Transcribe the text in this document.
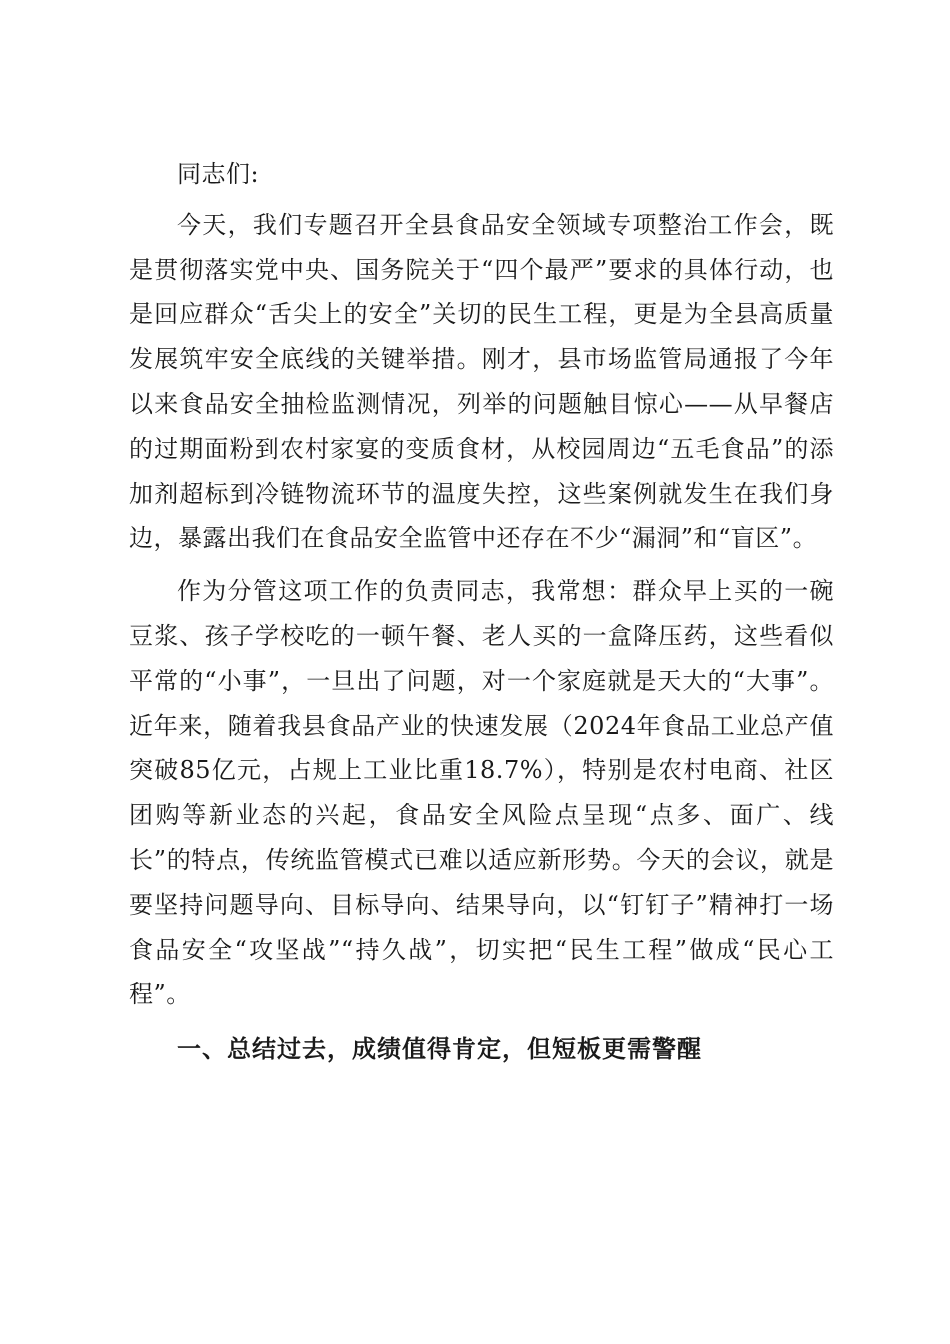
同志们:

今天，我们专题召开全县食品安全领域专项整治工作会，既是贯彻落实党中央、国务院关于“四个最严”要求的具体行动，也是回应群众“舌尖上的安全”关切的民生工程，更是为全县高质量发展筑牢安全底线的关键举措。刚才，县市场监管局通报了今年以来食品安全抽检监测情况，列举的问题触目惊心——从早餐店的过期面粉到农村家宴的变质食材，从校园周边“五毛食品”的添加剂超标到冷链物流环节的温度失控，这些案例就发生在我们身边，暴露出我们在食品安全监管中还存在不少“漏洞”和“盲区”。

作为分管这项工作的负责同志，我常想：群众早上买的一碗豆浆、孩子学校吃的一顿午餐、老人买的一盒降压药，这些看似平常的“小事”，一旦出了问题，对一个家庭就是天大的“大事”。近年来，随着我县食品产业的快速发展（2024年食品工业总产值突破85亿元，占规上工业比重18.7%），特别是农村电商、社区团购等新业态的兴起，食品安全风险点呈现“点多、面广、线长”的特点，传统监管模式已难以适应新形势。今天的会议，就是要坚持问题导向、目标导向、结果导向，以“钉钉子”精神打一场食品安全“攻坚战”“持久战”，切实把“民生工程”做成“民心工程”。

一、总结过去，成绩值得肯定，但短板更需警醒
